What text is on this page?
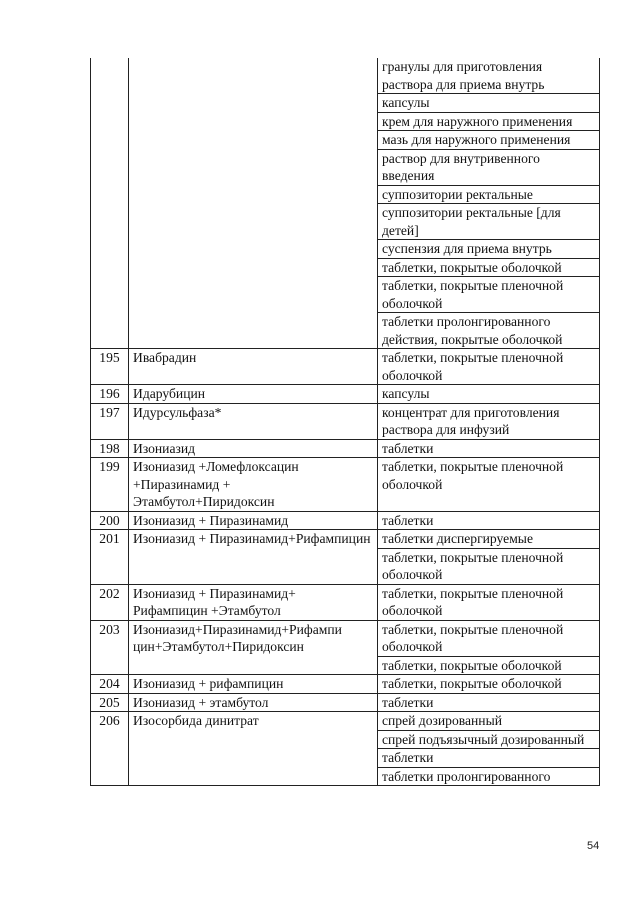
		гранулы для приготовления раствора для приема внутрь
		капсулы
		крем для наружного применения
		мазь для наружного применения
		раствор для внутривенного введения
		суппозитории ректальные
		суппозитории ректальные [для детей]
		суспензия для приема внутрь
		таблетки, покрытые оболочкой
		таблетки, покрытые пленочной оболочкой
		таблетки пролонгированного действия, покрытые оболочкой
195	Ивабрадин	таблетки, покрытые пленочной оболочкой
196	Идарубицин	капсулы
197	Идурсульфаза*	концентрат для приготовления раствора для инфузий
198	Изониазид	таблетки
199	Изониазид +Ломефлоксацин +Пиразинамид + Этамбутол+Пиридоксин	таблетки, покрытые пленочной оболочкой
200	Изониазид + Пиразинамид	таблетки
201	Изониазид + Пиразинамид+Рифампицин	таблетки диспергируемые
		таблетки, покрытые пленочной оболочкой
202	Изониазид + Пиразинамид+ Рифампицин +Этамбутол	таблетки, покрытые пленочной оболочкой
203	Изониазид+Пиразинамид+Рифампи цин+Этамбутол+Пиридоксин	таблетки, покрытые пленочной оболочкой
		таблетки, покрытые оболочкой
204	Изониазид + рифампицин	таблетки, покрытые оболочкой
205	Изониазид + этамбутол	таблетки
206	Изосорбида динитрат	спрей дозированный
		спрей подъязычный дозированный
		таблетки
		таблетки пролонгированного
54
